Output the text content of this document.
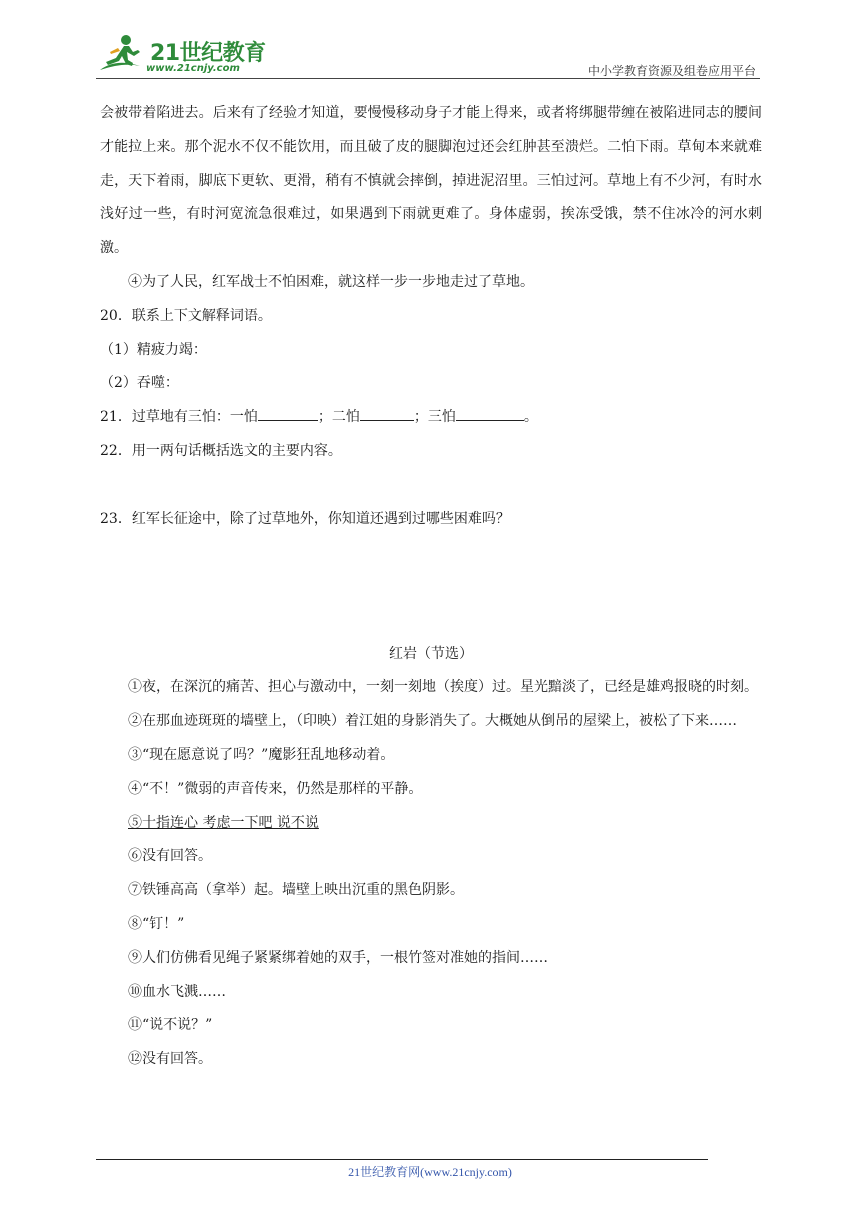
21世纪教育
www.21cnjy.com	中小学教育资源及组卷应用平台

会被带着陷进去。后来有了经验才知道，要慢慢移动身子才能上得来，或者将绑腿带缠在被陷进同志的腰间才能拉上来。那个泥水不仅不能饮用，而且破了皮的腿脚泡过还会红肿甚至溃烂。二怕下雨。草甸本来就难走，天下着雨，脚底下更软、更滑，稍有不慎就会摔倒，掉进泥沼里。三怕过河。草地上有不少河，有时水浅好过一些，有时河宽流急很难过，如果遇到下雨就更难了。身体虚弱，挨冻受饿，禁不住冰冷的河水刺激。

④为了人民，红军战士不怕困难，就这样一步一步地走过了草地。

20．联系上下文解释词语。

（1）精疲力竭：

（2）吞噬：

21．过草地有三怕：一怕	；二怕	；三怕	。

22．用一两句话概括选文的主要内容。

23．红军长征途中，除了过草地外，你知道还遇到过哪些困难吗？

红岩（节选）

①夜，在深沉的痛苦、担心与激动中，一刻一刻地（挨度）过。星光黯淡了，已经是雄鸡报晓的时刻。

②在那血迹斑斑的墙壁上，（印映）着江姐的身影消失了。大概她从倒吊的屋梁上，被松了下来……

③“现在愿意说了吗？”魔影狂乱地移动着。

④“不！”微弱的声音传来，仍然是那样的平静。

⑤十指连心 考虑一下吧 说不说

⑥没有回答。

⑦铁锤高高（拿举）起。墙壁上映出沉重的黑色阴影。

⑧“钉！”

⑨人们仿佛看见绳子紧紧绑着她的双手，一根竹签对准她的指间……

⑩血水飞溅……

⑪“说不说？”

⑫没有回答。

21世纪教育网(www.21cnjy.com)
